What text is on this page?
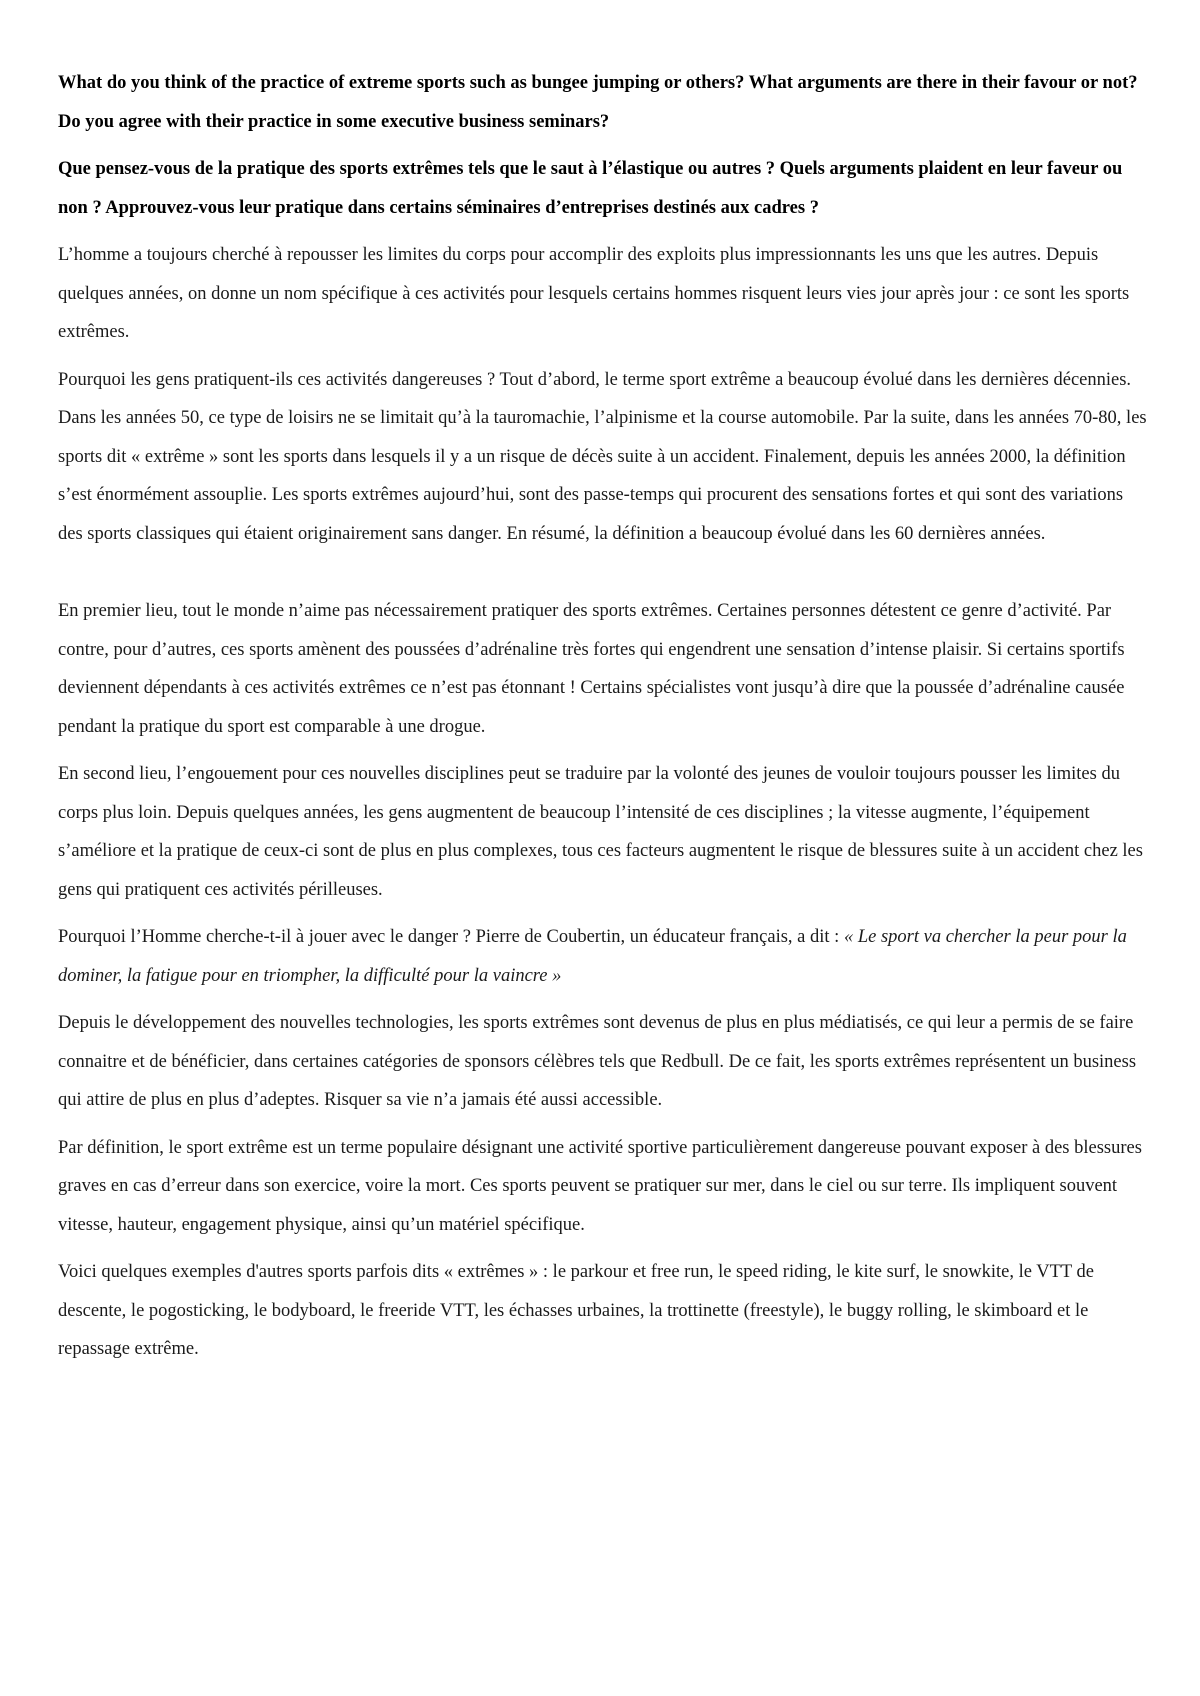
What do you think of the practice of extreme sports such as bungee jumping or others? What arguments are there in their favour or not? Do you agree with their practice in some executive business seminars?

Que pensez-vous de la pratique des sports extrêmes tels que le saut à l’élastique ou autres ? Quels arguments plaident en leur faveur ou non ? Approuvez-vous leur pratique dans certains séminaires d’entreprises destinés aux cadres ?

L’homme a toujours cherché à repousser les limites du corps pour accomplir des exploits plus impressionnants les uns que les autres. Depuis quelques années, on donne un nom spécifique à ces activités pour lesquels certains hommes risquent leurs vies jour après jour : ce sont les sports extrêmes.

Pourquoi les gens pratiquent-ils ces activités dangereuses ? Tout d’abord, le terme sport extrême a beaucoup évolué dans les dernières décennies. Dans les années 50, ce type de loisirs ne se limitait qu’à la tauromachie, l’alpinisme et la course automobile. Par la suite, dans les années 70-80, les sports dit « extrême » sont les sports dans lesquels il y a un risque de décès suite à un accident. Finalement, depuis les années 2000, la définition s’est énormément assouplie. Les sports extrêmes aujourd’hui, sont des passe-temps qui procurent des sensations fortes et qui sont des variations des sports classiques qui étaient originairement sans danger. En résumé, la définition a beaucoup évolué dans les 60 dernières années.

En premier lieu, tout le monde n’aime pas nécessairement pratiquer des sports extrêmes. Certaines personnes détestent ce genre d’activité. Par contre, pour d’autres, ces sports amènent des poussées d’adrénaline très fortes qui engendrent une sensation d’intense plaisir. Si certains sportifs deviennent dépendants à ces activités extrêmes ce n’est pas étonnant ! Certains spécialistes vont jusqu’à dire que la poussée d’adrénaline causée pendant la pratique du sport est comparable à une drogue.

En second lieu, l’engouement pour ces nouvelles disciplines peut se traduire par la volonté des jeunes de vouloir toujours pousser les limites du corps plus loin. Depuis quelques années, les gens augmentent de beaucoup l’intensité de ces disciplines ; la vitesse augmente, l’équipement s’améliore et la pratique de ceux-ci sont de plus en plus complexes, tous ces facteurs augmentent le risque de blessures suite à un accident chez les gens qui pratiquent ces activités périlleuses.

Pourquoi l’Homme cherche-t-il à jouer avec le danger ? Pierre de Coubertin, un éducateur français, a dit : « Le sport va chercher la peur pour la dominer, la fatigue pour en triompher, la difficulté pour la vaincre »

Depuis le développement des nouvelles technologies, les sports extrêmes sont devenus de plus en plus médiatisés, ce qui leur a permis de se faire connaitre et de bénéficier, dans certaines catégories de sponsors célèbres tels que Redbull. De ce fait, les sports extrêmes représentent un business qui attire de plus en plus d’adeptes. Risquer sa vie n’a jamais été aussi accessible.

Par définition, le sport extrême est un terme populaire désignant une activité sportive particulièrement dangereuse pouvant exposer à des blessures graves en cas d’erreur dans son exercice, voire la mort. Ces sports peuvent se pratiquer sur mer, dans le ciel ou sur terre. Ils impliquent souvent vitesse, hauteur, engagement physique, ainsi qu’un matériel spécifique.

Voici quelques exemples d'autres sports parfois dits « extrêmes » : le parkour et free run, le speed riding, le kite surf, le snowkite, le VTT de descente, le pogosticking, le bodyboard, le freeride VTT, les échasses urbaines, la trottinette (freestyle), le buggy rolling, le skimboard et le repassage extrême.
